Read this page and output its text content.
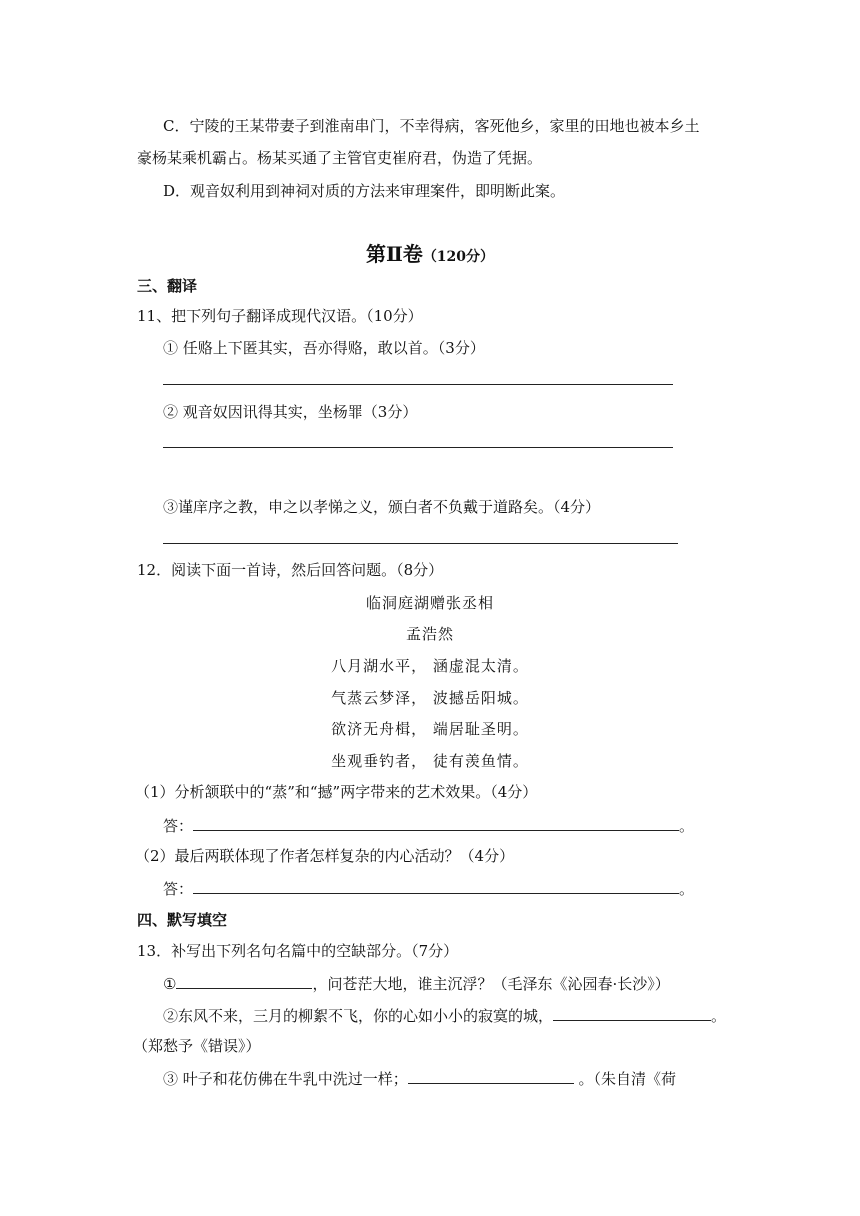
C．宁陵的王某带妻子到淮南串门，不幸得病，客死他乡，家里的田地也被本乡土
豪杨某乘机霸占。杨某买通了主管官吏崔府君，伪造了凭据。
D．观音奴利用到神祠对质的方法来审理案件，即明断此案。
第Ⅱ卷（120分）
三、翻译
11、把下列句子翻译成现代汉语。（10分）
① 任赂上下匿其实，吾亦得赂，敢以首。（3分）
② 观音奴因讯得其实，坐杨罪（3分）
③谨庠序之教，申之以孝悌之义，颁白者不负戴于道路矣。（4分）
12．阅读下面一首诗，然后回答问题。（8分）
临洞庭湖赠张丞相
孟浩然
八月湖水平， 涵虚混太清。
气蒸云梦泽， 波撼岳阳城。
欲济无舟楫， 端居耻圣明。
坐观垂钓者， 徒有羡鱼情。
（1）分析颔联中的“蒸”和“撼”两字带来的艺术效果。（4分）
答：	。
（2）最后两联体现了作者怎样复杂的内心活动？（4分）
答：	。
四、默写填空
13．补写出下列名句名篇中的空缺部分。（7分）
①	，问苍茫大地，谁主沉浮？（毛泽东《沁园春·长沙》）
②东风不来，三月的柳絮不飞，你的心如小小的寂寞的城，	。
（郑愁予《错误》）
③ 叶子和花仿佛在牛乳中洗过一样；	。（朱自清《荷
